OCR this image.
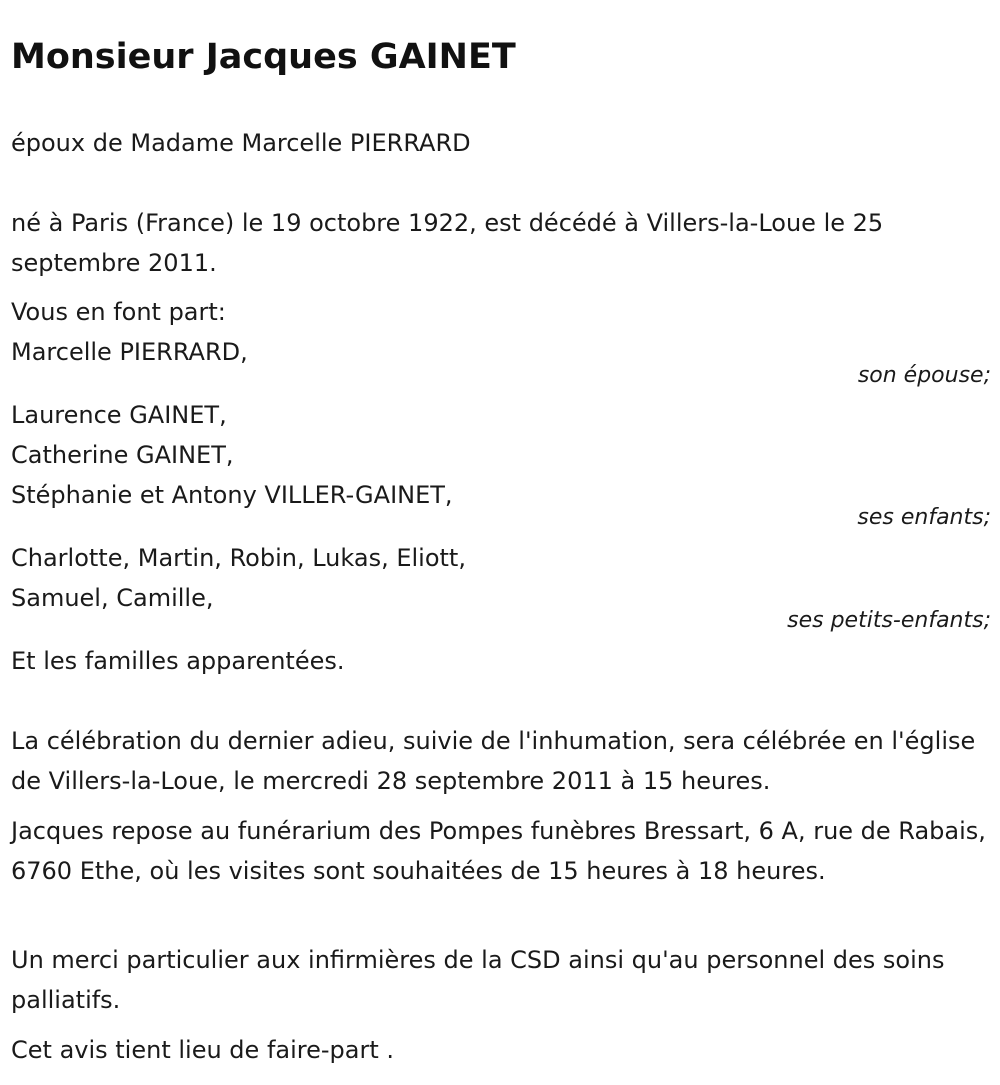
Monsieur Jacques GAINET

époux de Madame Marcelle PIERRARD

né à Paris (France) le 19 octobre 1922, est décédé à Villers-la-Loue le 25 septembre 2011.

Vous en font part:

Marcelle PIERRARD,

son épouse;

Laurence GAINET,

Catherine GAINET,

Stéphanie et Antony VILLER-GAINET,

ses enfants;

Charlotte, Martin, Robin, Lukas, Eliott,

Samuel, Camille,

ses petits-enfants;

Et les familles apparentées.

La célébration du dernier adieu, suivie de l'inhumation, sera célébrée en l'église de Villers-la-Loue, le mercredi 28 septembre 2011 à 15 heures.

Jacques repose au funérarium des Pompes funèbres Bressart, 6 A, rue de Rabais, 6760 Ethe, où les visites sont souhaitées de 15 heures à 18 heures.

Un merci particulier aux infirmières de la CSD ainsi qu'au personnel des soins palliatifs.

Cet avis tient lieu de faire-part .
